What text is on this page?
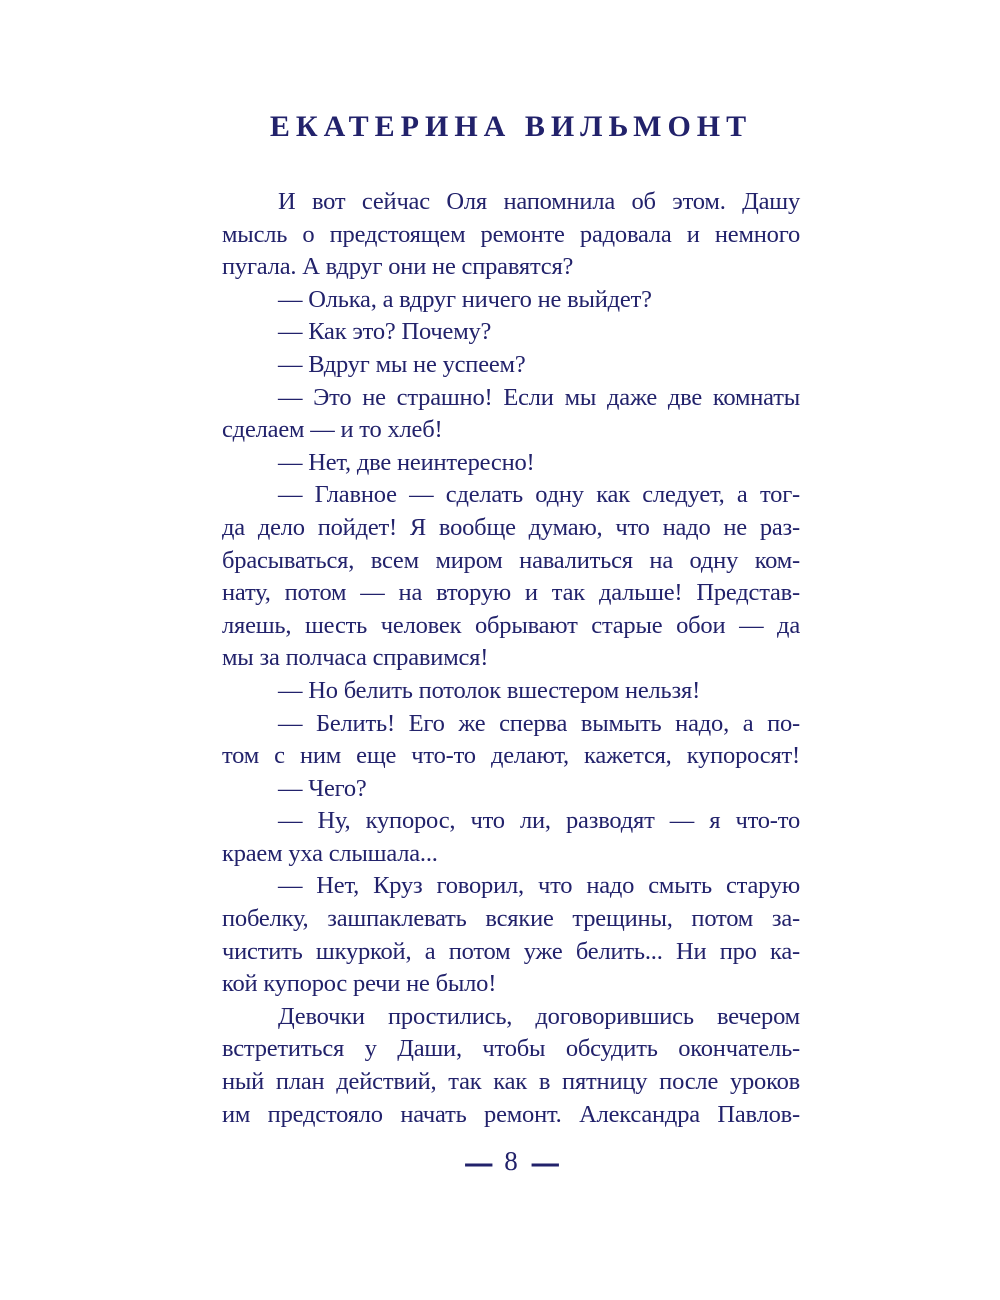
ЕКАТЕРИНА ВИЛЬМОНТ
И вот сейчас Оля напомнила об этом. Дашу
мысль о предстоящем ремонте радовала и немного
пугала. А вдруг они не справятся?
— Олька, а вдруг ничего не выйдет?
— Как это? Почему?
— Вдруг мы не успеем?
— Это не страшно! Если мы даже две комнаты
сделаем — и то хлеб!
— Нет, две неинтересно!
— Главное — сделать одну как следует, а тог-
да дело пойдет! Я вообще думаю, что надо не раз-
брасываться, всем миром навалиться на одну ком-
нату, потом — на вторую и так дальше! Представ-
ляешь, шесть человек обрывают старые обои — да
мы за полчаса справимся!
— Но белить потолок вшестером нельзя!
— Белить! Его же сперва вымыть надо, а по-
том с ним еще что-то делают, кажется, купоросят!
— Чего?
— Ну, купорос, что ли, разводят — я что-то
краем уха слышала...
— Нет, Круз говорил, что надо смыть старую
побелку, зашпаклевать всякие трещины, потом за-
чистить шкуркой, а потом уже белить... Ни про ка-
кой купорос речи не было!
Девочки простились, договорившись вечером
встретиться у Даши, чтобы обсудить окончатель-
ный план действий, так как в пятницу после уроков
им предстояло начать ремонт. Александра Павлов-
— 8 —
